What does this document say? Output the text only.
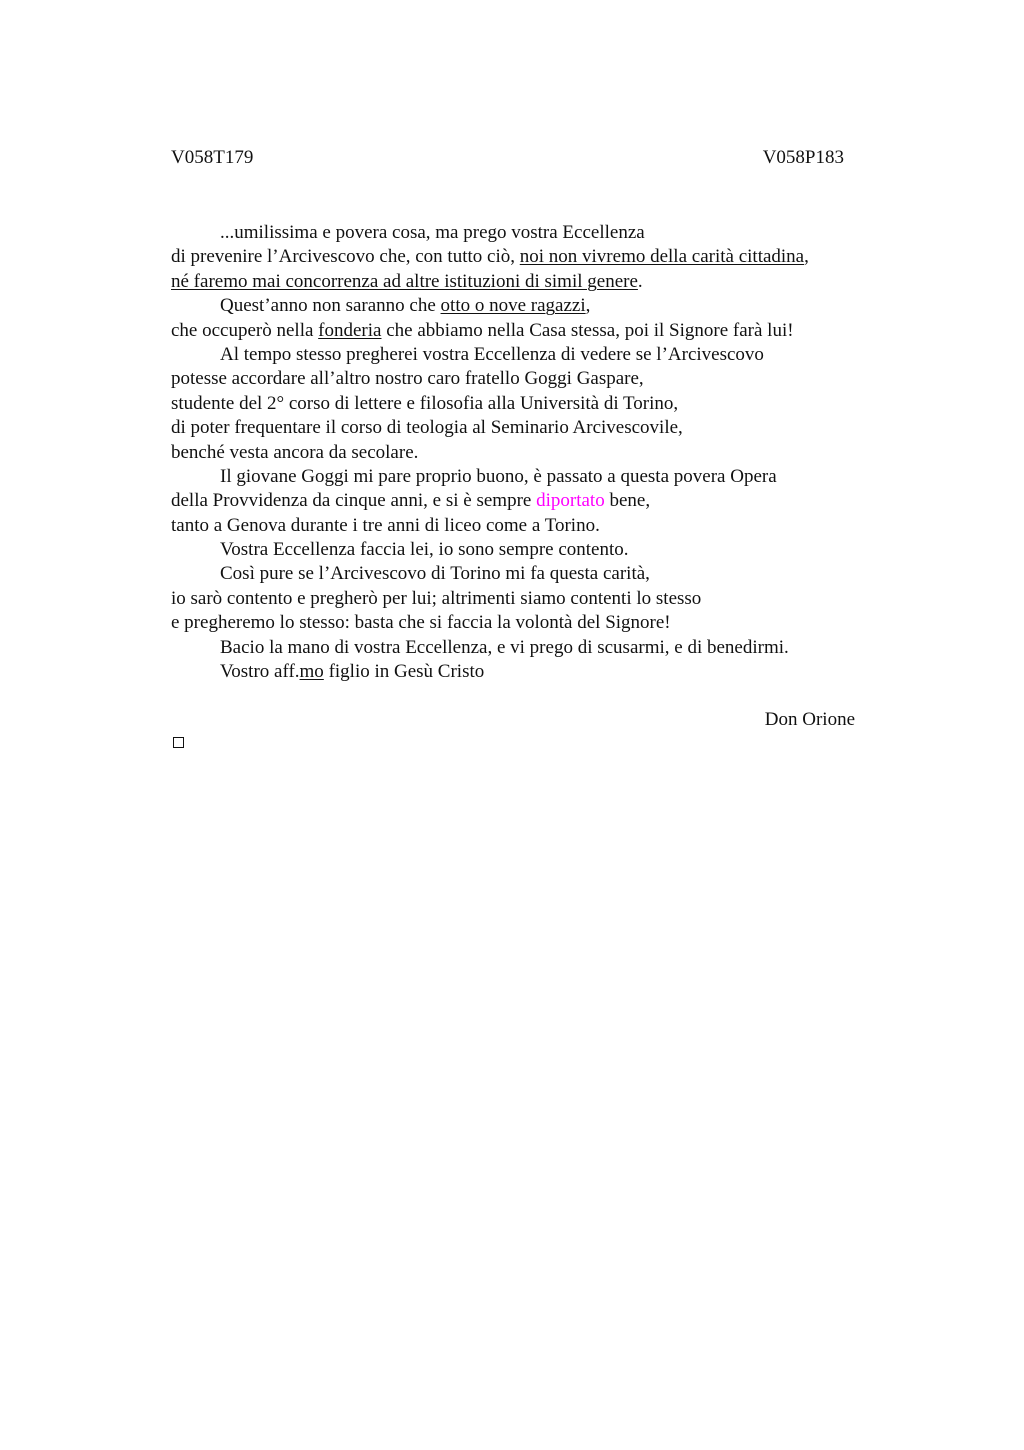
V058T179	V058P183
...umilissima e povera cosa, ma prego vostra Eccellenza
di prevenire l’Arcivescovo che, con tutto ciò, noi non vivremo della carità cittadina,
né faremo mai concorrenza ad altre istituzioni di simil genere.
Quest’anno non saranno che otto o nove ragazzi,
che occuperò nella fonderia che abbiamo nella Casa stessa, poi il Signore farà lui!
Al tempo stesso pregherei vostra Eccellenza di vedere se l’Arcivescovo
potesse accordare all’altro nostro caro fratello Goggi Gaspare,
studente del 2° corso di lettere e filosofia alla Università di Torino,
di poter frequentare il corso di teologia al Seminario Arcivescovile,
benché vesta ancora da secolare.
Il giovane Goggi mi pare proprio buono, è passato a questa povera Opera
della Provvidenza da cinque anni, e si è sempre diportato bene,
tanto a Genova durante i tre anni di liceo come a Torino.
Vostra Eccellenza faccia lei, io sono sempre contento.
Così pure se l’Arcivescovo di Torino mi fa questa carità,
io sarò contento e pregherò per lui; altrimenti siamo contenti lo stesso
e pregheremo lo stesso: basta che si faccia la volontà del Signore!
Bacio la mano di vostra Eccellenza, e vi prego di scusarmi, e di benedirmi.
Vostro aff.mo figlio in Gesù Cristo
Don Orione
